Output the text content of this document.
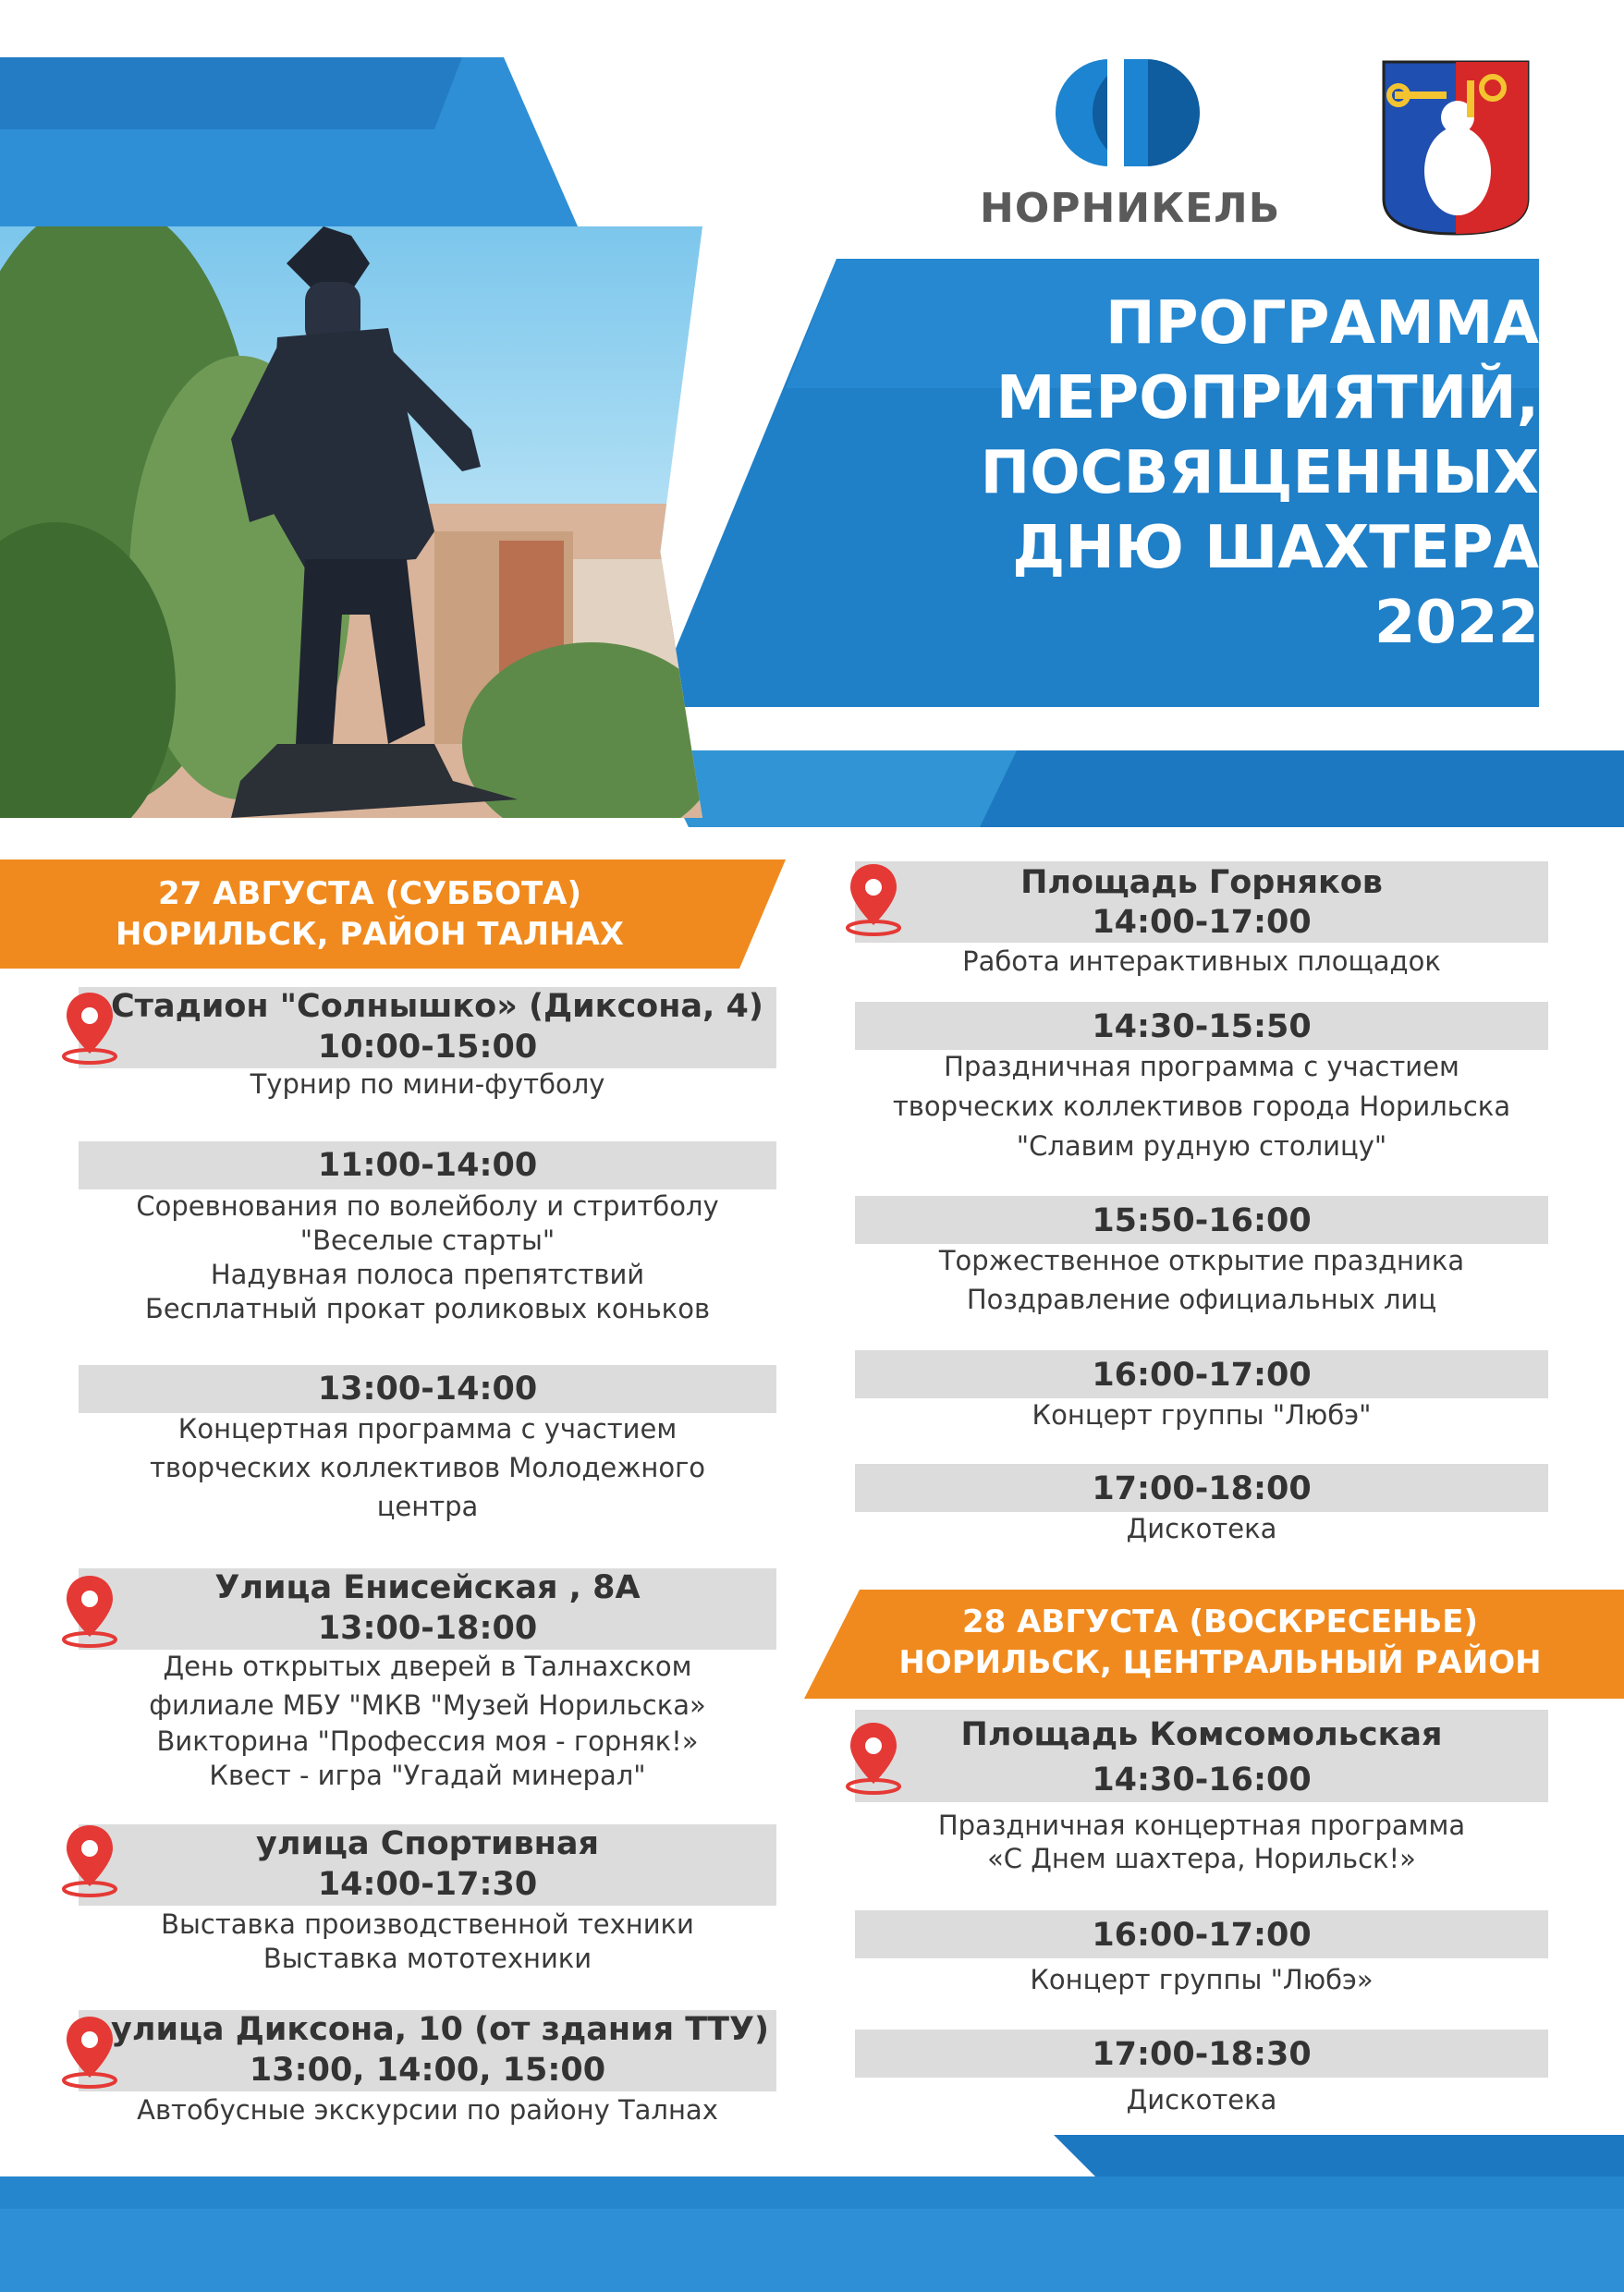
НОРНИКЕЛЬ
ПРОГРАММА
МЕРОПРИЯТИЙ,
ПОСВЯЩЕННЫХ
ДНЮ ШАХТЕРА
2022
27 АВГУСТА (СУББОТА)
НОРИЛЬСК, РАЙОН ТАЛНАХ
Стадион "Солнышко» (Диксона, 4)
10:00-15:00
Турнир по мини-футболу
11:00-14:00
Соревнования по волейболу и стритболу
"Веселые старты"
Надувная полоса препятствий
Бесплатный прокат роликовых коньков
13:00-14:00
Концертная программа с участием
творческих коллективов Молодежного
центра
Улица Енисейская , 8А
13:00-18:00
День открытых дверей в Талнахском
филиале МБУ "МКВ "Музей Норильска»
Викторина "Профессия моя - горняк!»
Квест - игра "Угадай минерал"
улица Спортивная
14:00-17:30
Выставка производственной техники
Выставка мототехники
улица Диксона, 10 (от здания ТТУ)
13:00, 14:00, 15:00
Автобусные экскурсии по району Талнах
Площадь Горняков
14:00-17:00
Работа интерактивных площадок
14:30-15:50
Праздничная программа с участием
творческих коллективов города Норильска
"Славим рудную столицу"
15:50-16:00
Торжественное открытие праздника
Поздравление официальных лиц
16:00-17:00
Концерт группы "Любэ"
17:00-18:00
Дискотека
28 АВГУСТА (ВОСКРЕСЕНЬЕ)
НОРИЛЬСК, ЦЕНТРАЛЬНЫЙ РАЙОН
Площадь Комсомольская
14:30-16:00
Праздничная концертная программа
«С Днем шахтера, Норильск!»
16:00-17:00
Концерт группы "Любэ»
17:00-18:30
Дискотека
